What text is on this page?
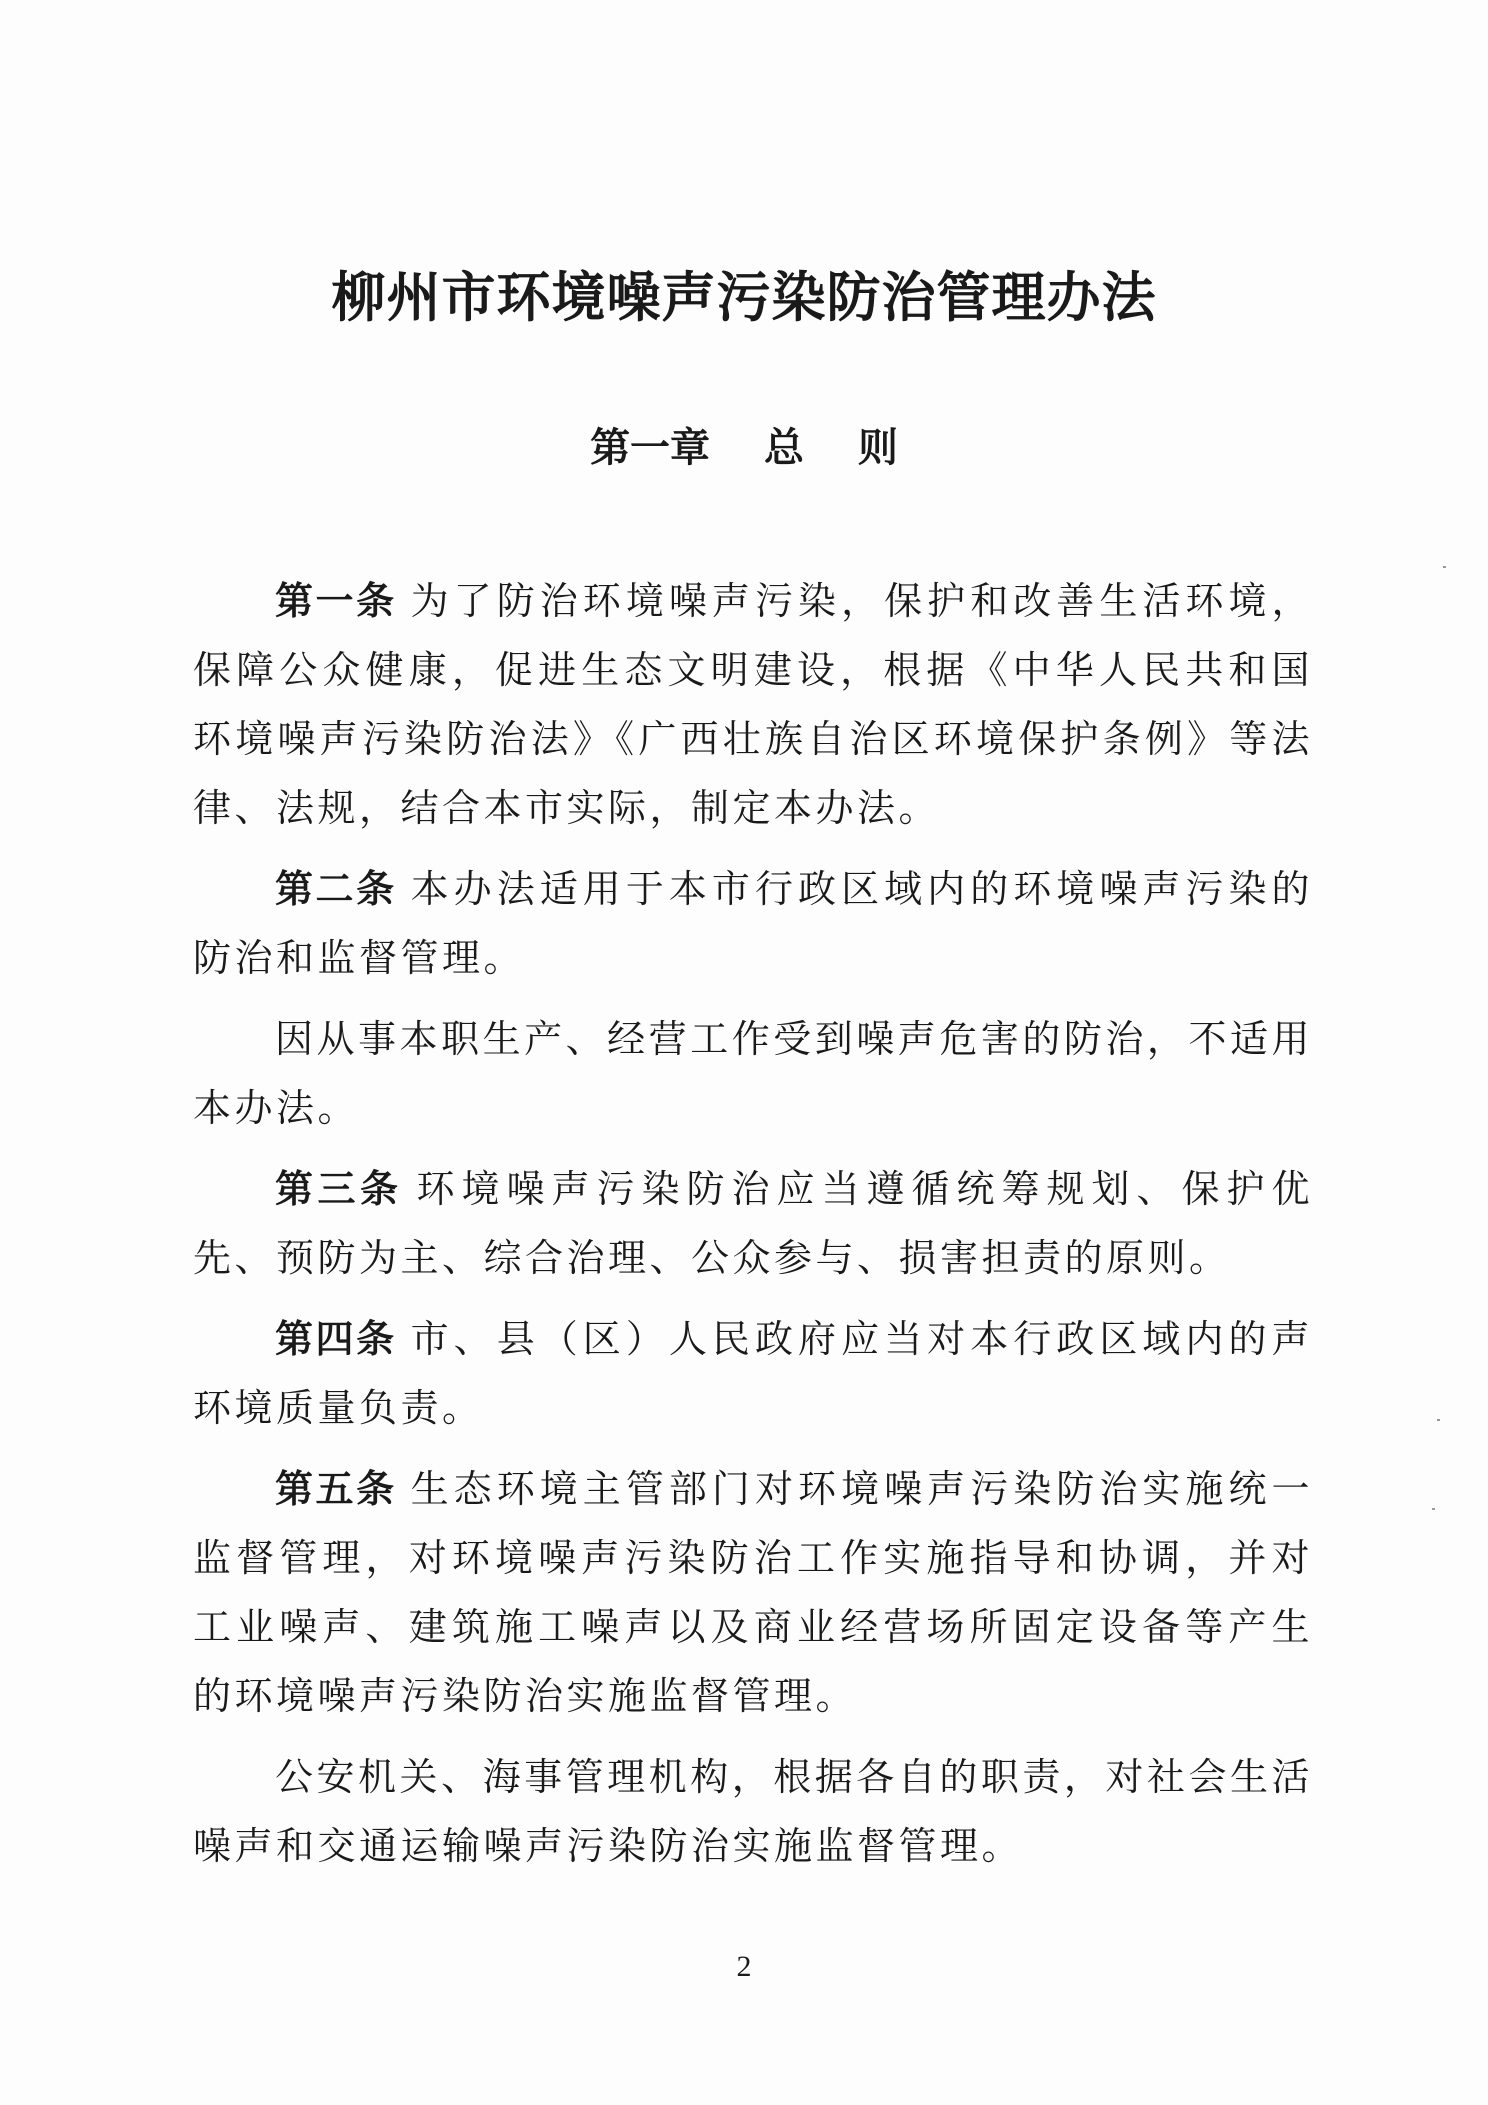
柳州市环境噪声污染防治管理办法
第一章　 总　 则

第一条 为了防治环境噪声污染，保护和改善生活环境，保障公众健康，促进生态文明建设，根据《中华人民共和国环境噪声污染防治法》《广西壮族自治区环境保护条例》等法律、法规，结合本市实际，制定本办法。

第二条 本办法适用于本市行政区域内的环境噪声污染的防治和监督管理。

因从事本职生产、经营工作受到噪声危害的防治，不适用本办法。

第三条 环境噪声污染防治应当遵循统筹规划、保护优先、预防为主、综合治理、公众参与、损害担责的原则。

第四条 市、县（区）人民政府应当对本行政区域内的声环境质量负责。

第五条 生态环境主管部门对环境噪声污染防治实施统一监督管理，对环境噪声污染防治工作实施指导和协调，并对工业噪声、建筑施工噪声以及商业经营场所固定设备等产生的环境噪声污染防治实施监督管理。

公安机关、海事管理机构，根据各自的职责，对社会生活噪声和交通运输噪声污染防治实施监督管理。

2
